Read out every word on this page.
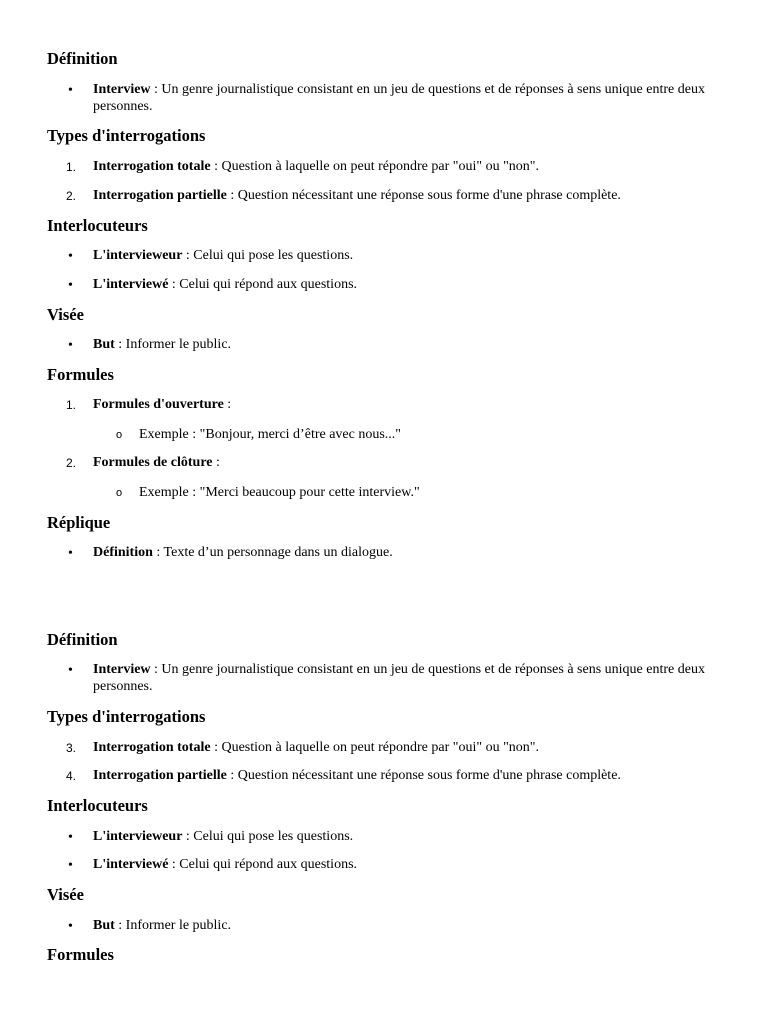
Définition
• Interview : Un genre journalistique consistant en un jeu de questions et de réponses à sens unique entre deux personnes.
Types d'interrogations
1. Interrogation totale : Question à laquelle on peut répondre par "oui" ou "non".
2. Interrogation partielle : Question nécessitant une réponse sous forme d'une phrase complète.
Interlocuteurs
• L'intervieweur : Celui qui pose les questions.
• L'interviewé : Celui qui répond aux questions.
Visée
• But : Informer le public.
Formules
1. Formules d'ouverture :
o Exemple : "Bonjour, merci d’être avec nous..."
2. Formules de clôture :
o Exemple : "Merci beaucoup pour cette interview."
Réplique
• Définition : Texte d’un personnage dans un dialogue.
Définition
• Interview : Un genre journalistique consistant en un jeu de questions et de réponses à sens unique entre deux personnes.
Types d'interrogations
3. Interrogation totale : Question à laquelle on peut répondre par "oui" ou "non".
4. Interrogation partielle : Question nécessitant une réponse sous forme d'une phrase complète.
Interlocuteurs
• L'intervieweur : Celui qui pose les questions.
• L'interviewé : Celui qui répond aux questions.
Visée
• But : Informer le public.
Formules
